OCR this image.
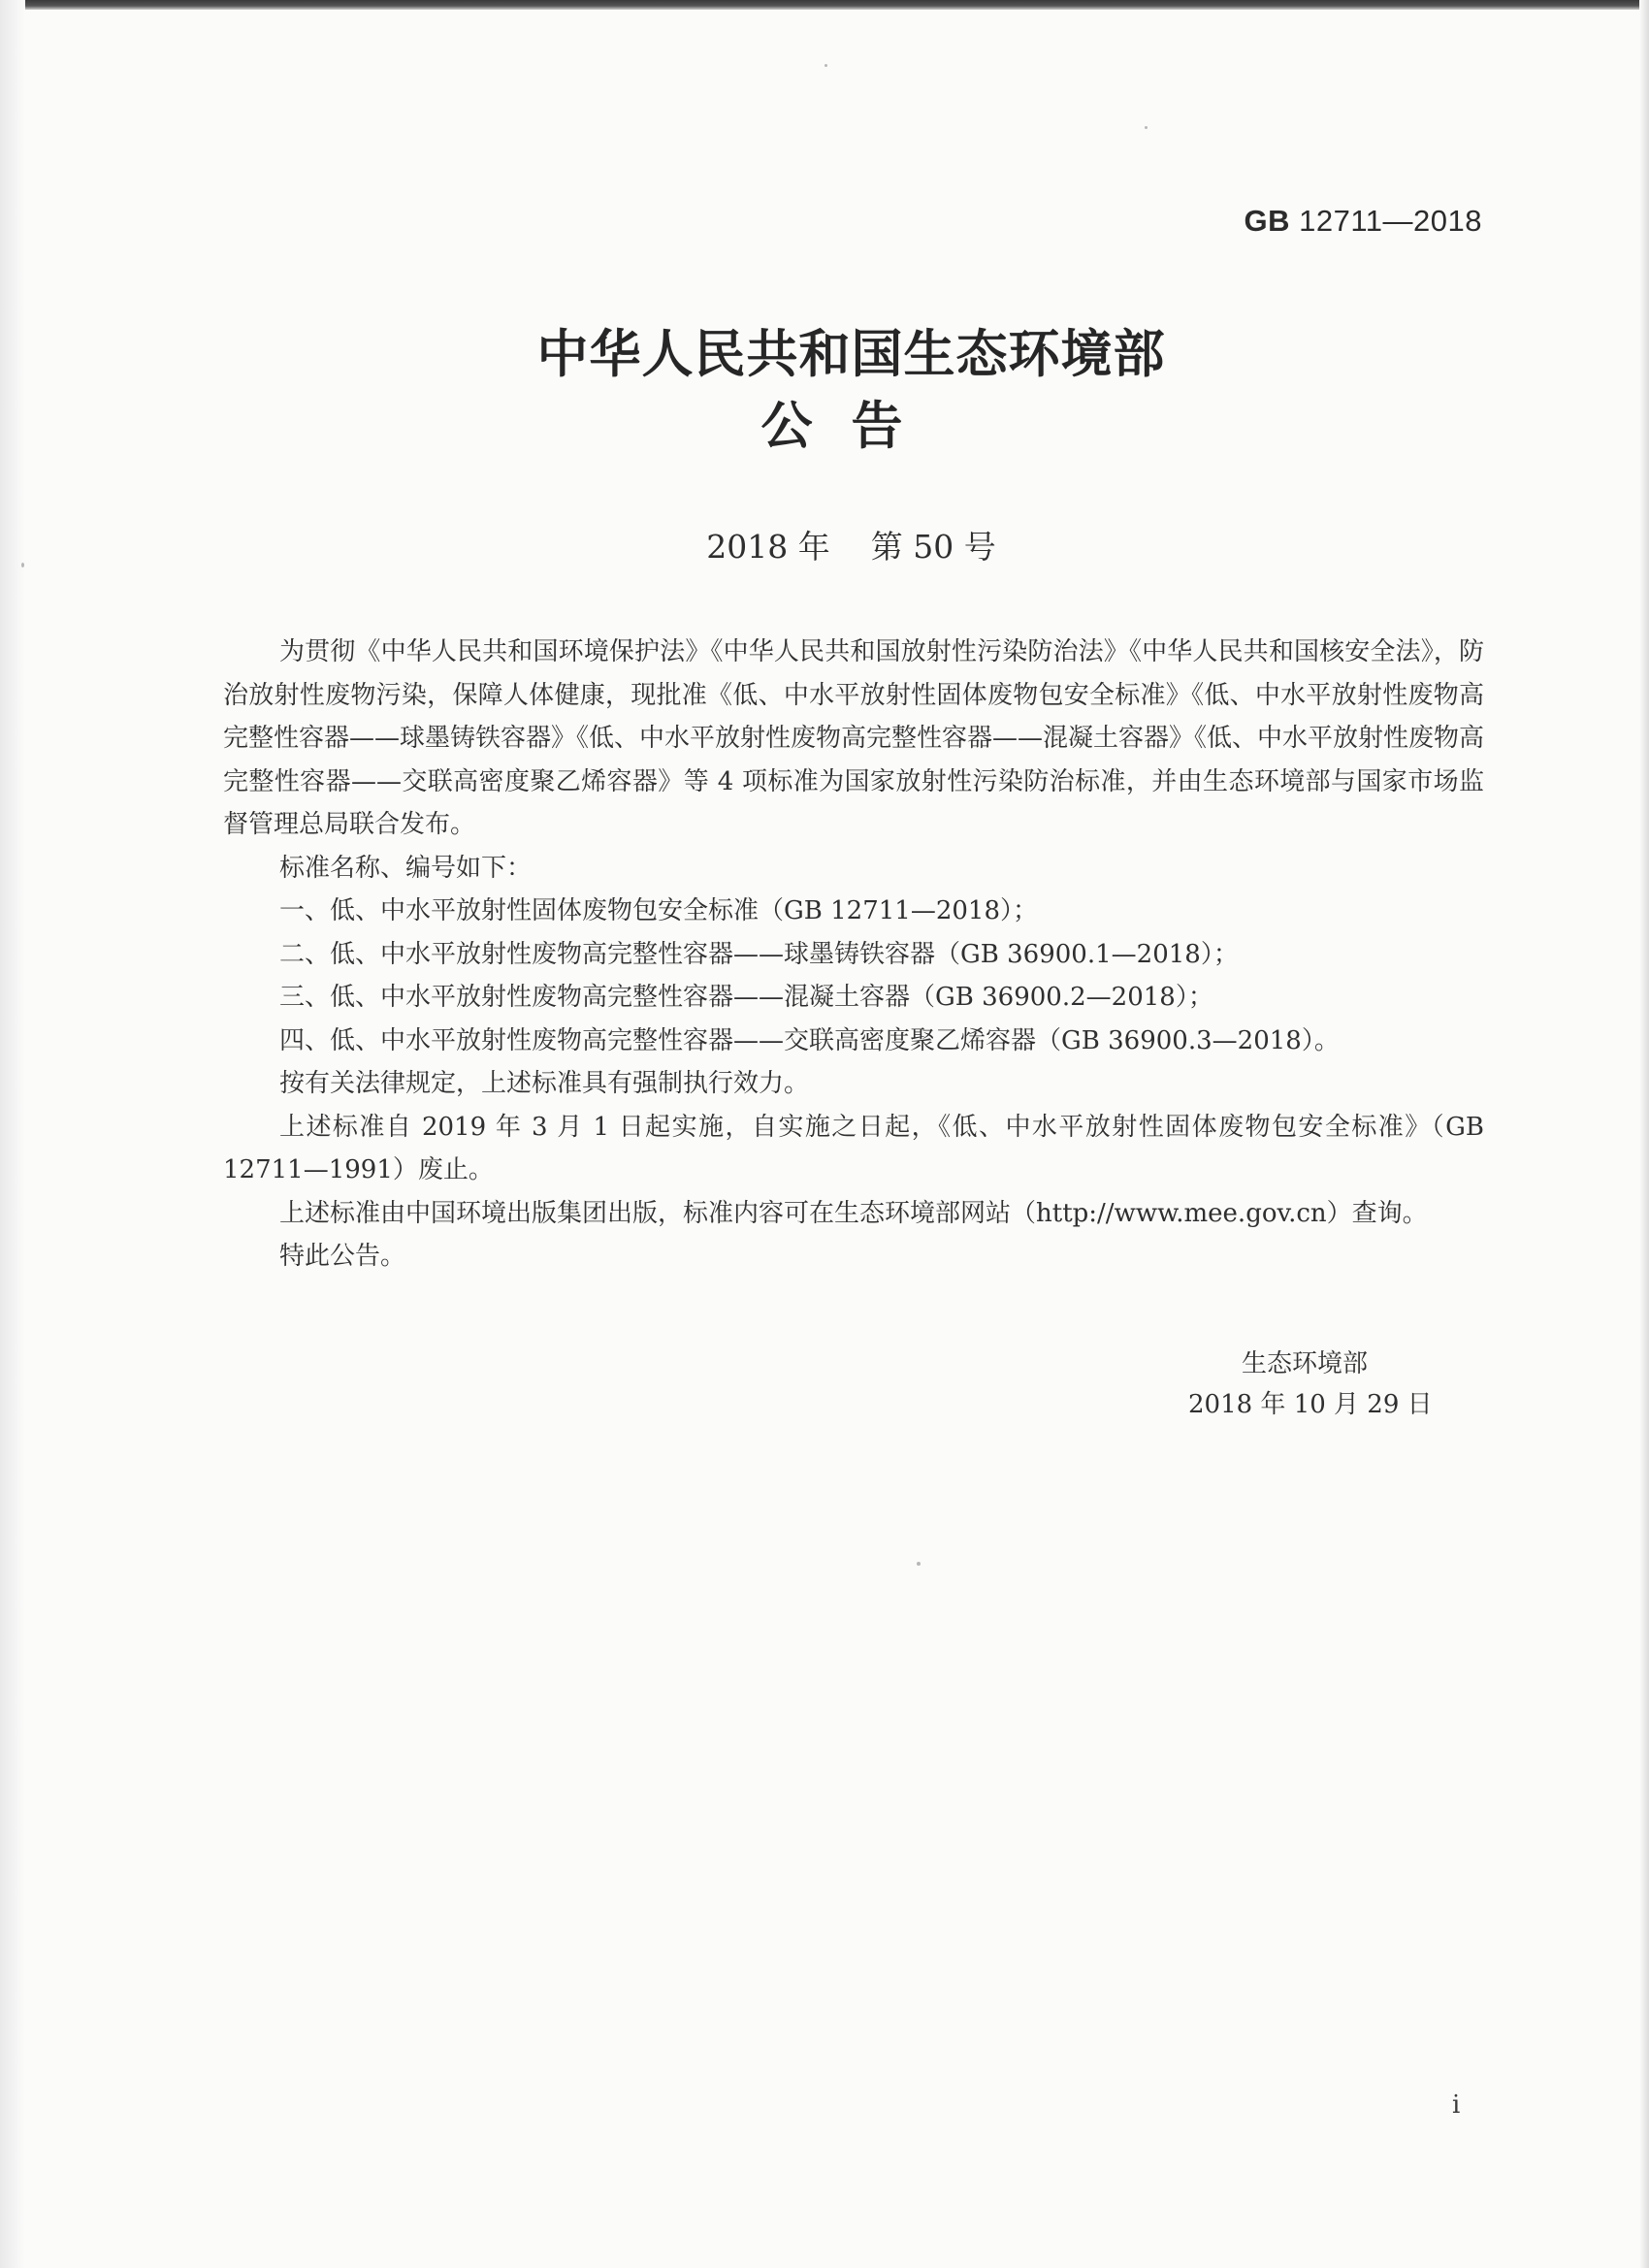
GB 12711—2018
中华人民共和国生态环境部
公告
2018 年 第 50 号

为贯彻《中华人民共和国环境保护法》《中华人民共和国放射性污染防治法》《中华人民共和国核安全法》，防治放射性废物污染，保障人体健康，现批准《低、中水平放射性固体废物包安全标准》《低、中水平放射性废物高完整性容器——球墨铸铁容器》《低、中水平放射性废物高完整性容器——混凝土容器》《低、中水平放射性废物高完整性容器——交联高密度聚乙烯容器》等 4 项标准为国家放射性污染防治标准，并由生态环境部与国家市场监督管理总局联合发布。

标准名称、编号如下：

一、低、中水平放射性固体废物包安全标准（GB 12711—2018）；

二、低、中水平放射性废物高完整性容器——球墨铸铁容器（GB 36900.1—2018）；

三、低、中水平放射性废物高完整性容器——混凝土容器（GB 36900.2—2018）；

四、低、中水平放射性废物高完整性容器——交联高密度聚乙烯容器（GB 36900.3—2018）。

按有关法律规定，上述标准具有强制执行效力。

上述标准自 2019 年 3 月 1 日起实施，自实施之日起，《低、中水平放射性固体废物包安全标准》（GB 12711—1991）废止。

上述标准由中国环境出版集团出版，标准内容可在生态环境部网站（http://www.mee.gov.cn）查询。

特此公告。

生态环境部
2018 年 10 月 29 日
i
